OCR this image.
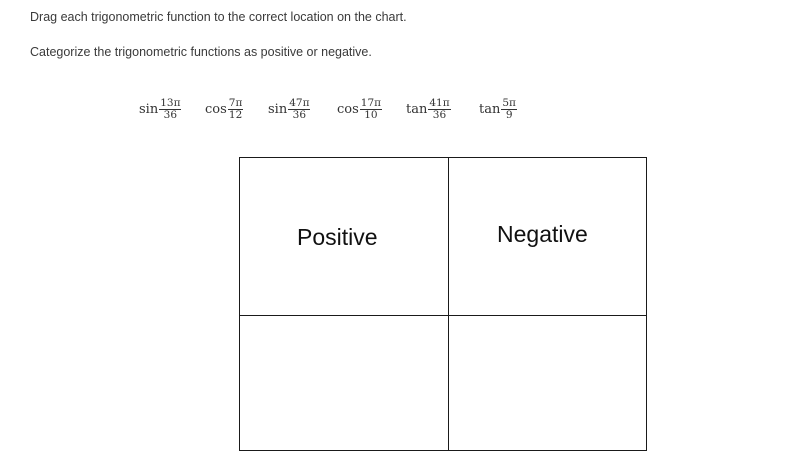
Drag each trigonometric function to the correct location on the chart.

Categorize the trigonometric functions as positive or negative.

$\sin \frac{13\pi}{36}$ $\cos \frac{7\pi}{12}$ $\sin \frac{47\pi}{36}$ $\cos \frac{17\pi}{10}$ $\tan \frac{41\pi}{36}$ $\tan \frac{5\pi}{9}$
Positive	Negative
